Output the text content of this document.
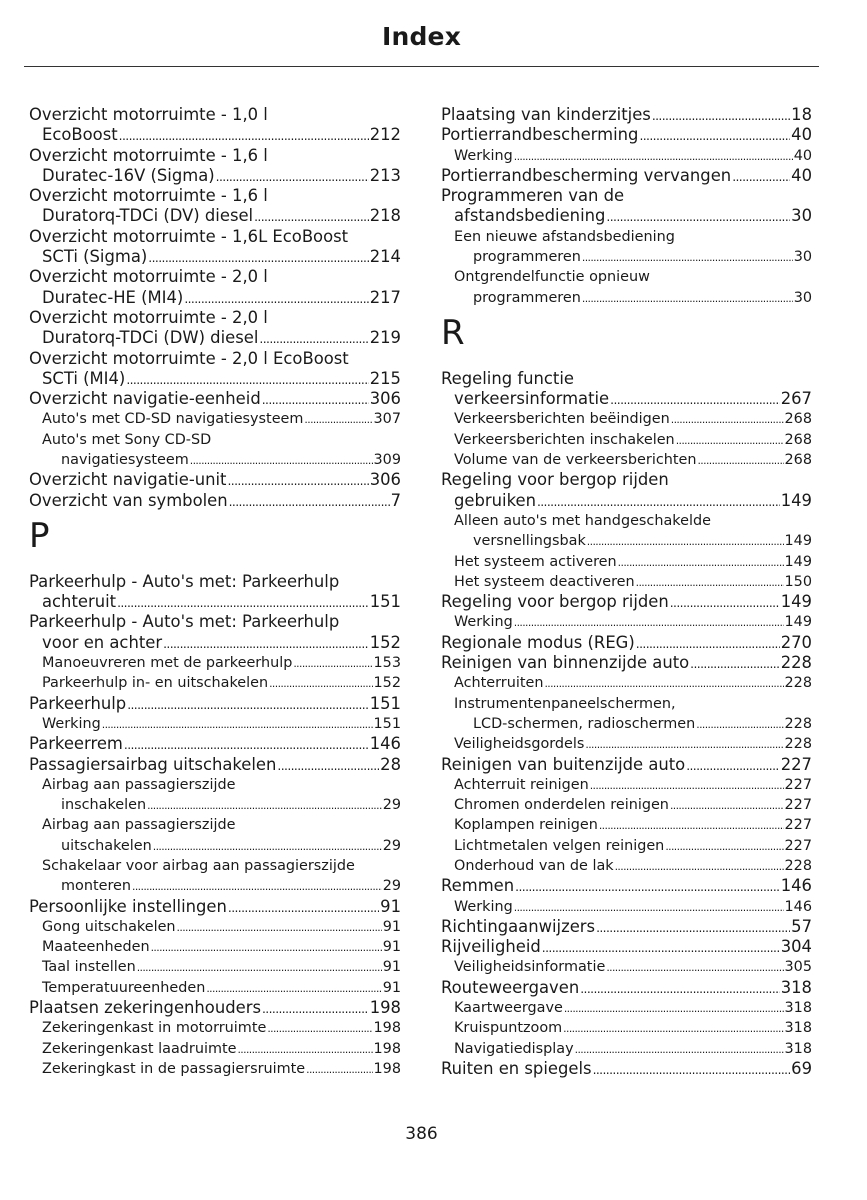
Index
Overzicht motorruimte - 1,0 l
EcoBoost .....	212
Overzicht motorruimte - 1,6 l
Duratec-16V (Sigma) .....	213
Overzicht motorruimte - 1,6 l
Duratorq-TDCi (DV) diesel .....	218
Overzicht motorruimte - 1,6L EcoBoost
SCTi (Sigma) .....	214
Overzicht motorruimte - 2,0 l
Duratec-HE (MI4) .....	217
Overzicht motorruimte - 2,0 l
Duratorq-TDCi (DW) diesel .....	219
Overzicht motorruimte - 2,0 l EcoBoost
SCTi (MI4) .....	215
Overzicht navigatie-eenheid .....	306
Auto's met CD-SD navigatiesysteem .....	307
Auto's met Sony CD-SD
navigatiesysteem .....	309
Overzicht navigatie-unit .....	306
Overzicht van symbolen .....	7
P
Parkeerhulp - Auto's met: Parkeerhulp
achteruit .....	151
Parkeerhulp - Auto's met: Parkeerhulp
voor en achter .....	152
Manoeuvreren met de parkeerhulp .....	153
Parkeerhulp in- en uitschakelen .....	152
Parkeerhulp .....	151
Werking .....	151
Parkeerrem .....	146
Passagiersairbag uitschakelen .....	28
Airbag aan passagierszijde
inschakelen .....	29
Airbag aan passagierszijde
uitschakelen .....	29
Schakelaar voor airbag aan passagierszijde
monteren .....	29
Persoonlijke instellingen .....	91
Gong uitschakelen .....	91
Maateenheden .....	91
Taal instellen .....	91
Temperatuureenheden .....	91
Plaatsen zekeringenhouders .....	198
Zekeringenkast in motorruimte .....	198
Zekeringenkast laadruimte .....	198
Zekeringkast in de passagiersruimte .....	198
Plaatsing van kinderzitjes .....	18
Portierrandbescherming .....	40
Werking .....	40
Portierrandbescherming vervangen .....	40
Programmeren van de
afstandsbediening .....	30
Een nieuwe afstandsbediening
programmeren .....	30
Ontgrendelfunctie opnieuw
programmeren .....	30
R
Regeling functie
verkeersinformatie .....	267
Verkeersberichten beëindigen .....	268
Verkeersberichten inschakelen .....	268
Volume van de verkeersberichten .....	268
Regeling voor bergop rijden
gebruiken .....	149
Alleen auto's met handgeschakelde
versnellingsbak .....	149
Het systeem activeren .....	149
Het systeem deactiveren .....	150
Regeling voor bergop rijden .....	149
Werking .....	149
Regionale modus (REG) .....	270
Reinigen van binnenzijde auto .....	228
Achterruiten .....	228
Instrumentenpaneelschermen,
LCD-schermen, radioschermen .....	228
Veiligheidsgordels .....	228
Reinigen van buitenzijde auto .....	227
Achterruit reinigen .....	227
Chromen onderdelen reinigen .....	227
Koplampen reinigen .....	227
Lichtmetalen velgen reinigen .....	227
Onderhoud van de lak .....	228
Remmen .....	146
Werking .....	146
Richtingaanwijzers .....	57
Rijveiligheid .....	304
Veiligheidsinformatie .....	305
Routeweergaven .....	318
Kaartweergave .....	318
Kruispuntzoom .....	318
Navigatiedisplay .....	318
Ruiten en spiegels .....	69
386
